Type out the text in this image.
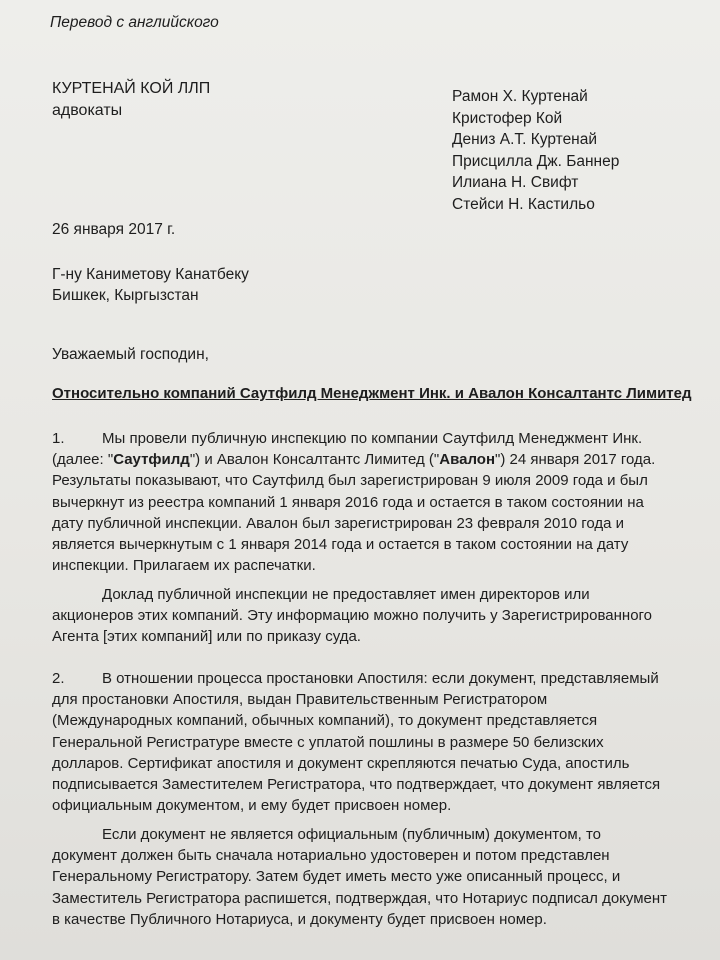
Перевод с английского
КУРТЕНАЙ КОЙ ЛЛП
адвокаты
Рамон Х. Куртенай
Кристофер Кой
Дениз А.Т. Куртенай
Присцилла Дж. Баннер
Илиана Н. Свифт
Стейси Н. Кастильо
26 января 2017 г.
Г-ну Каниметову Канатбеку
Бишкек, Кыргызстан
Уважаемый господин,
Относительно компаний Саутфилд Менеджмент Инк. и Авалон Консалтантс Лимитед
1. Мы провели публичную инспекцию по компании Саутфилд Менеджмент Инк.
(далее: "Саутфилд") и Авалон Консалтантс Лимитед ("Авалон") 24 января 2017 года.
Результаты показывают, что Саутфилд был зарегистрирован 9 июля 2009 года и был
вычеркнут из реестра компаний 1 января 2016 года и остается в таком состоянии на
дату публичной инспекции. Авалон был зарегистрирован 23 февраля 2010 года и
является вычеркнутым с 1 января 2014 года и остается в таком состоянии на дату
инспекции. Прилагаем их распечатки.
Доклад публичной инспекции не предоставляет имен директоров или
акционеров этих компаний. Эту информацию можно получить у Зарегистрированного
Агента [этих компаний] или по приказу суда.
2. В отношении процесса простановки Апостиля: если документ, представляемый
для простановки Апостиля, выдан Правительственным Регистратором
(Международных компаний, обычных компаний), то документ представляется
Генеральной Регистратуре вместе с уплатой пошлины в размере 50 белизских
долларов. Сертификат апостиля и документ скрепляются печатью Суда, апостиль
подписывается Заместителем Регистратора, что подтверждает, что документ является
официальным документом, и ему будет присвоен номер.
Если документ не является официальным (публичным) документом, то
документ должен быть сначала нотариально удостоверен и потом представлен
Генеральному Регистратору. Затем будет иметь место уже описанный процесс, и
Заместитель Регистратора распишется, подтверждая, что Нотариус подписал документ
в качестве Публичного Нотариуса, и документу будет присвоен номер.
